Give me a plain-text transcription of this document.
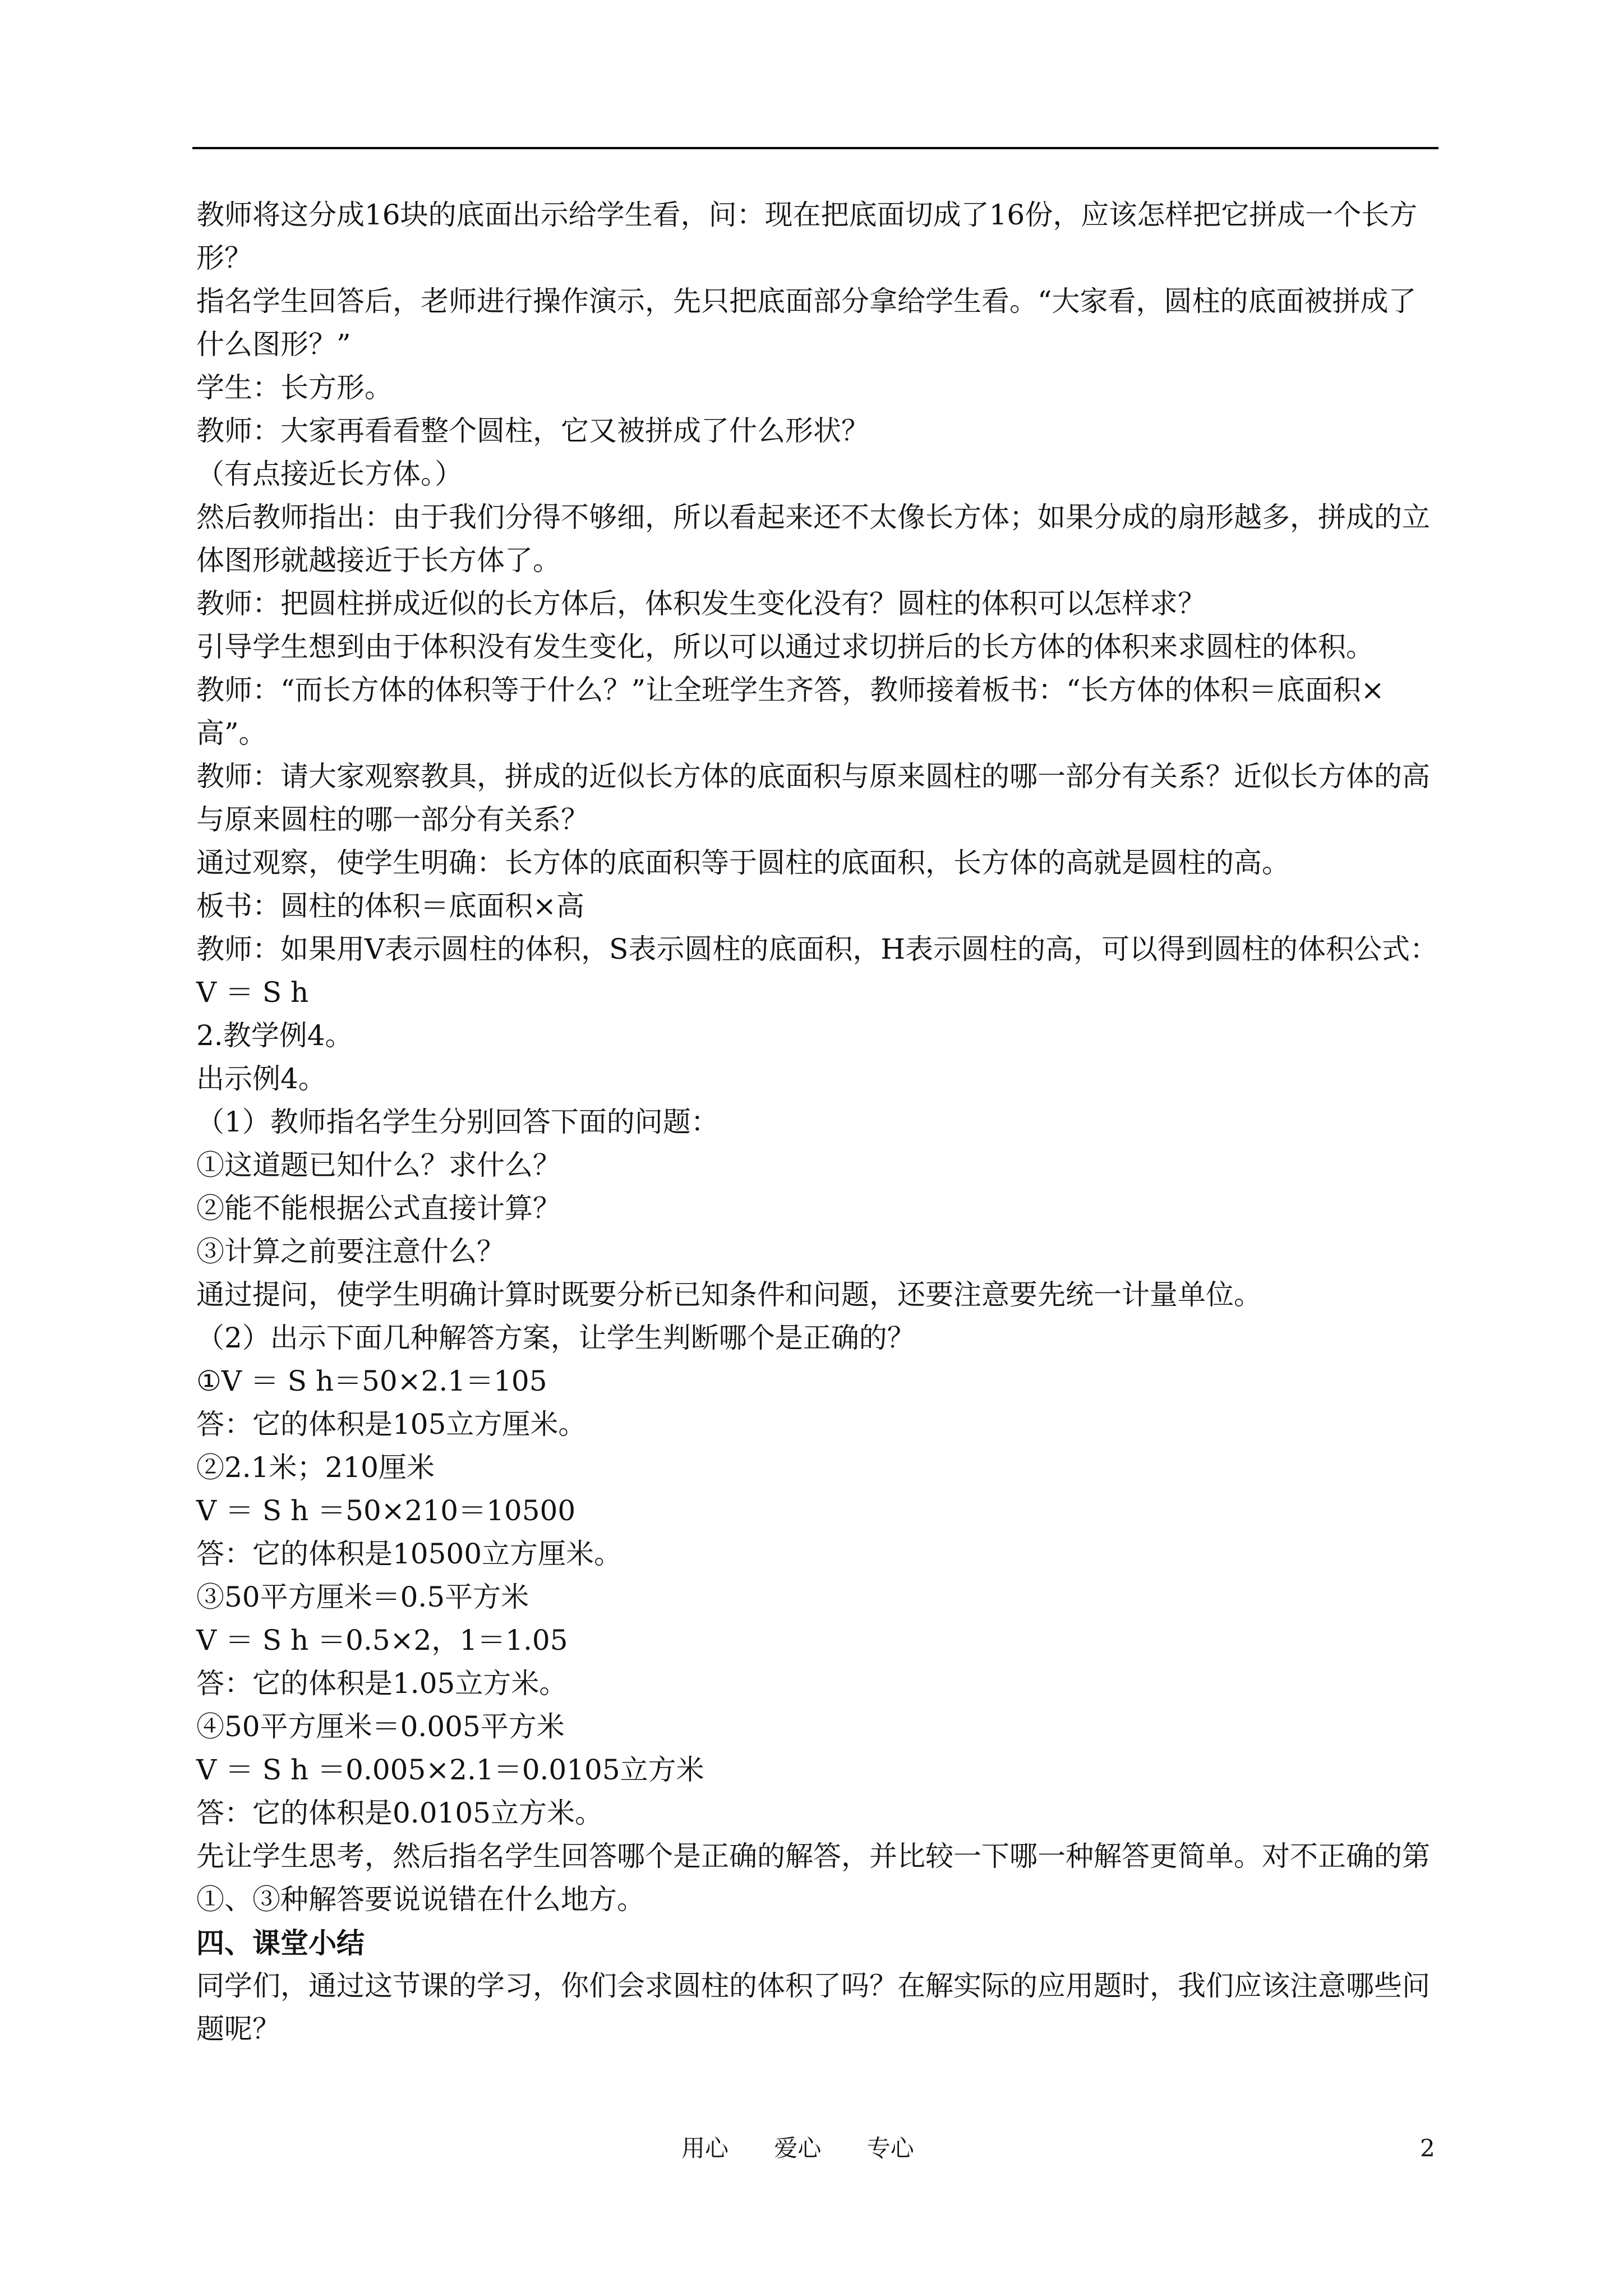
教师将这分成16块的底面出示给学生看，问：现在把底面切成了16份，应该怎样把它拼成一个长方形？

指名学生回答后，老师进行操作演示，先只把底面部分拿给学生看。“大家看，圆柱的底面被拼成了什么图形？”

学生：长方形。

教师：大家再看看整个圆柱，它又被拼成了什么形状？

（有点接近长方体。）

然后教师指出：由于我们分得不够细，所以看起来还不太像长方体；如果分成的扇形越多，拼成的立体图形就越接近于长方体了。

教师：把圆柱拼成近似的长方体后，体积发生变化没有？圆柱的体积可以怎样求？

引导学生想到由于体积没有发生变化，所以可以通过求切拼后的长方体的体积来求圆柱的体积。

教师：“而长方体的体积等于什么？”让全班学生齐答，教师接着板书：“长方体的体积＝底面积×高”。

教师：请大家观察教具，拼成的近似长方体的底面积与原来圆柱的哪一部分有关系？近似长方体的高与原来圆柱的哪一部分有关系？

通过观察，使学生明确：长方体的底面积等于圆柱的底面积，长方体的高就是圆柱的高。

板书：圆柱的体积＝底面积×高

教师：如果用V表示圆柱的体积，S表示圆柱的底面积，H表示圆柱的高，可以得到圆柱的体积公式：

V ＝ S h

2.教学例4。

出示例4。

（1）教师指名学生分别回答下面的问题：

①这道题已知什么？求什么？

②能不能根据公式直接计算？

③计算之前要注意什么？

通过提问，使学生明确计算时既要分析已知条件和问题，还要注意要先统一计量单位。

（2）出示下面几种解答方案，让学生判断哪个是正确的？

①V ＝ S h＝50×2.1＝105

答：它的体积是105立方厘米。

②2.1米；210厘米

V ＝ S h ＝50×210＝10500

答：它的体积是10500立方厘米。

③50平方厘米＝0.5平方米

V ＝ S h ＝0.5×2，1＝1.05

答：它的体积是1.05立方米。

④50平方厘米＝0.005平方米

V ＝ S h ＝0.005×2.1＝0.0105立方米

答：它的体积是0.0105立方米。

先让学生思考，然后指名学生回答哪个是正确的解答，并比较一下哪一种解答更简单。对不正确的第①、③种解答要说说错在什么地方。

四、课堂小结

同学们，通过这节课的学习，你们会求圆柱的体积了吗？在解实际的应用题时，我们应该注意哪些问题呢？

用心 爱心 专心	2
